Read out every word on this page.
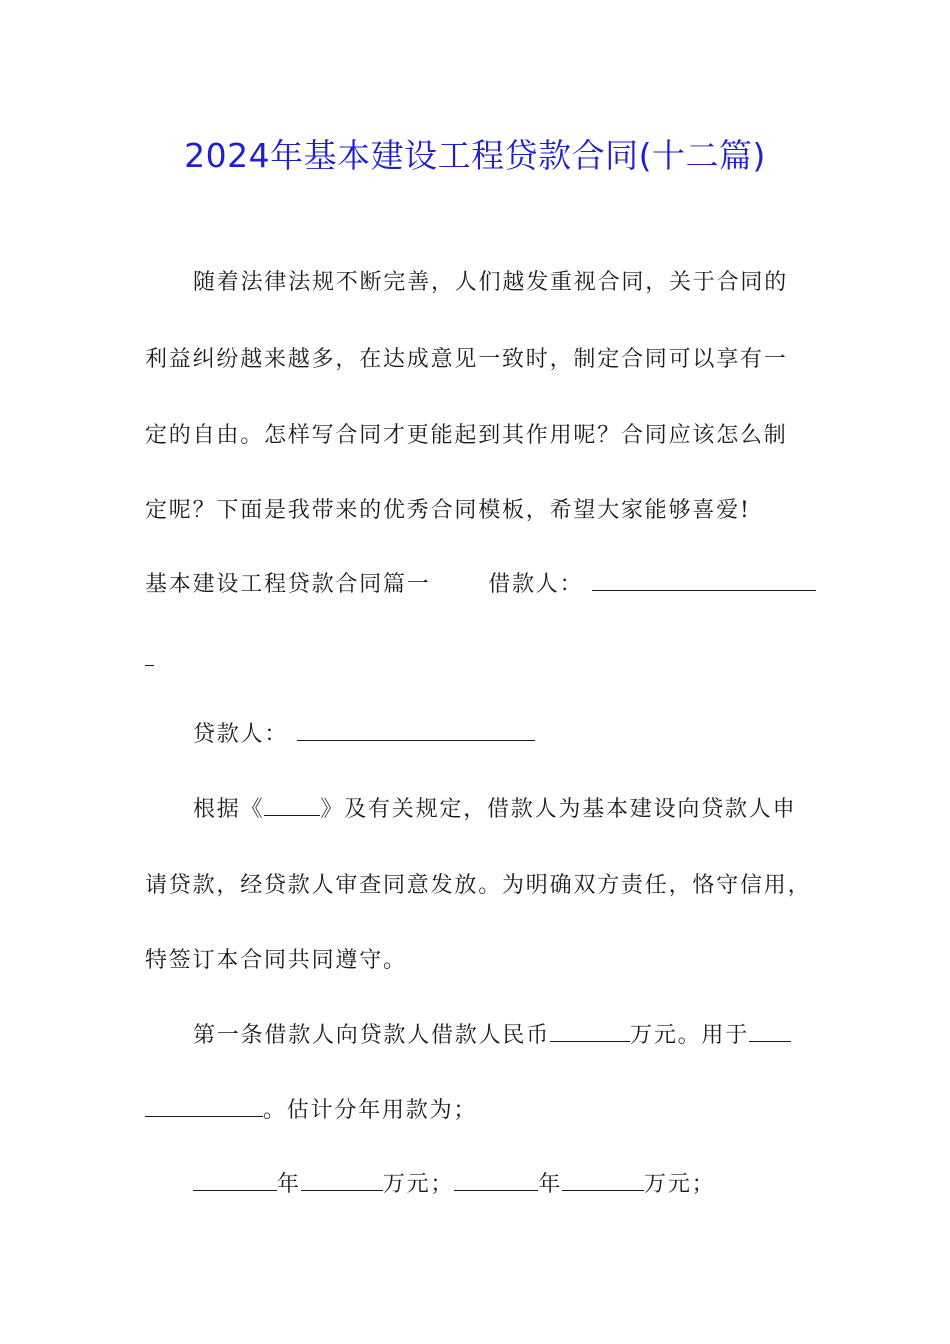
2024年基本建设工程贷款合同(十二篇)
随着法律法规不断完善，人们越发重视合同，关于合同的
利益纠纷越来越多，在达成意见一致时，制定合同可以享有一
定的自由。怎样写合同才更能起到其作用呢？合同应该怎么制
定呢？下面是我带来的优秀合同模板，希望大家能够喜爱!
基本建设工程贷款合同篇一	借款人：
贷款人：
根据《	》及有关规定，借款人为基本建设向贷款人申
请贷款，经贷款人审查同意发放。为明确双方责任，恪守信用，
特签订本合同共同遵守。
第一条借款人向贷款人借款人民币	万元。用于
。估计分年用款为；
年	万元；	年	万元；
